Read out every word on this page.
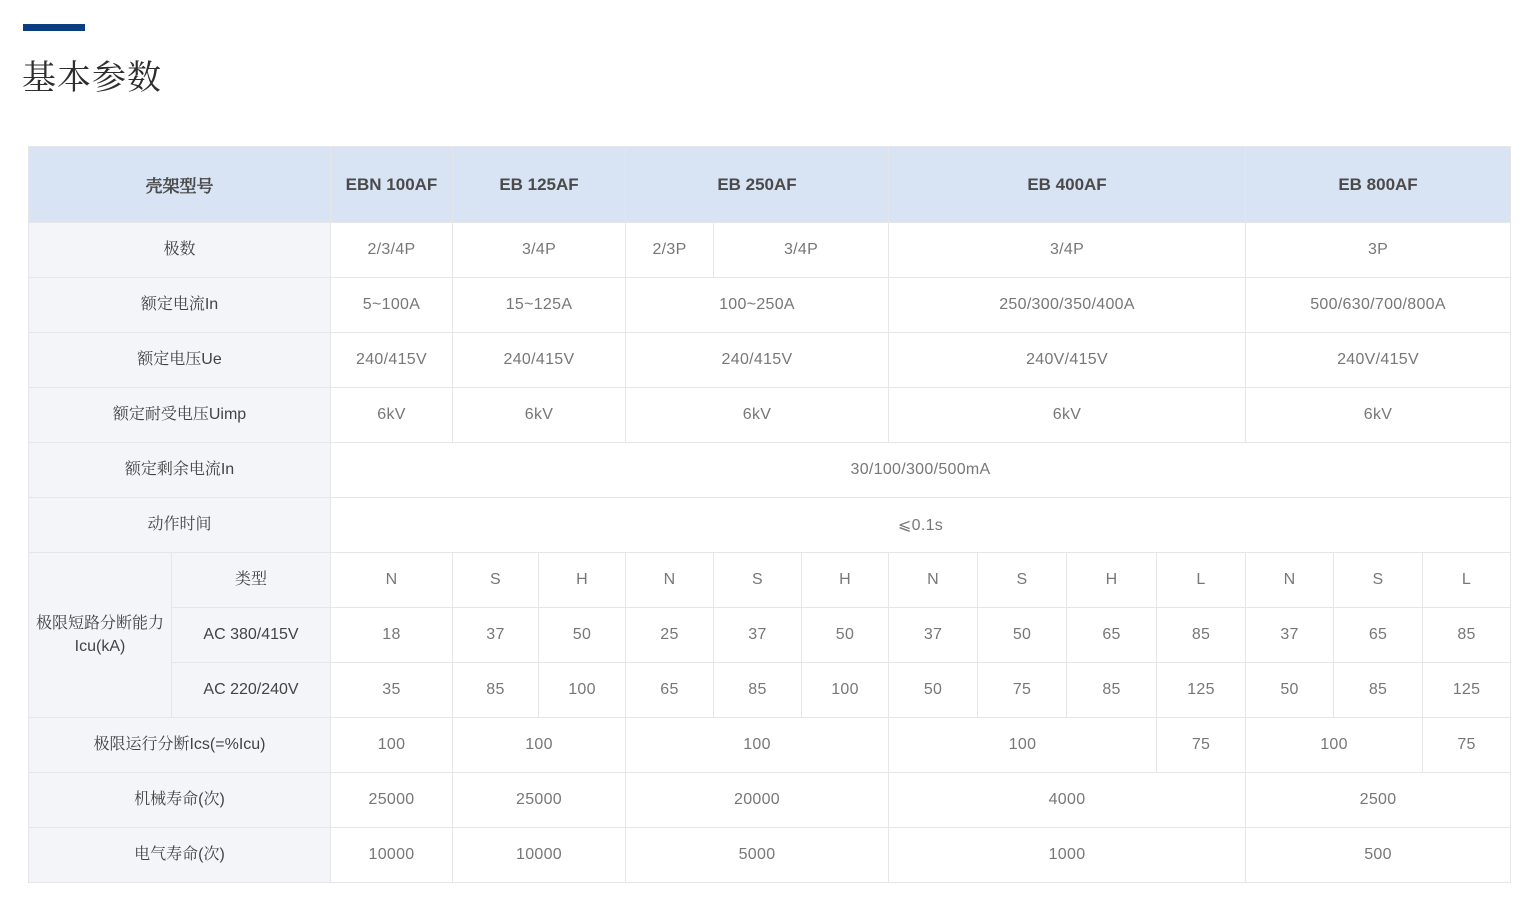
基本参数
壳架型号		EBN 100AF	EB 125AF		EB 250AF			EB 400AF				EB 800AF		
极数		2/3/4P	3/4P		2/3P	3/4P		3/4P				3P		
额定电流In		5~100A	15~125A		100~250A			250/300/350/400A				500/630/700/800A		
额定电压Ue		240/415V	240/415V		240/415V			240V/415V				240V/415V		
额定耐受电压Uimp		6kV	6kV		6kV			6kV				6kV		
额定剩余电流In		30/100/300/500mA												
动作时间		⩽0.1s												
极限短路分断能力Icu(kA)	类型	N	S	H	N	S	H	N	S	H	L	N	S	L
	AC 380/415V	18	37	50	25	37	50	37	50	65	85	37	65	85
	AC 220/240V	35	85	100	65	85	100	50	75	85	125	50	85	125
极限运行分断Ics(=%Icu)		100	100		100			100			75	100		75
机械寿命(次)		25000	25000		20000			4000				2500		
电气寿命(次)		10000	10000		5000			1000				500		
